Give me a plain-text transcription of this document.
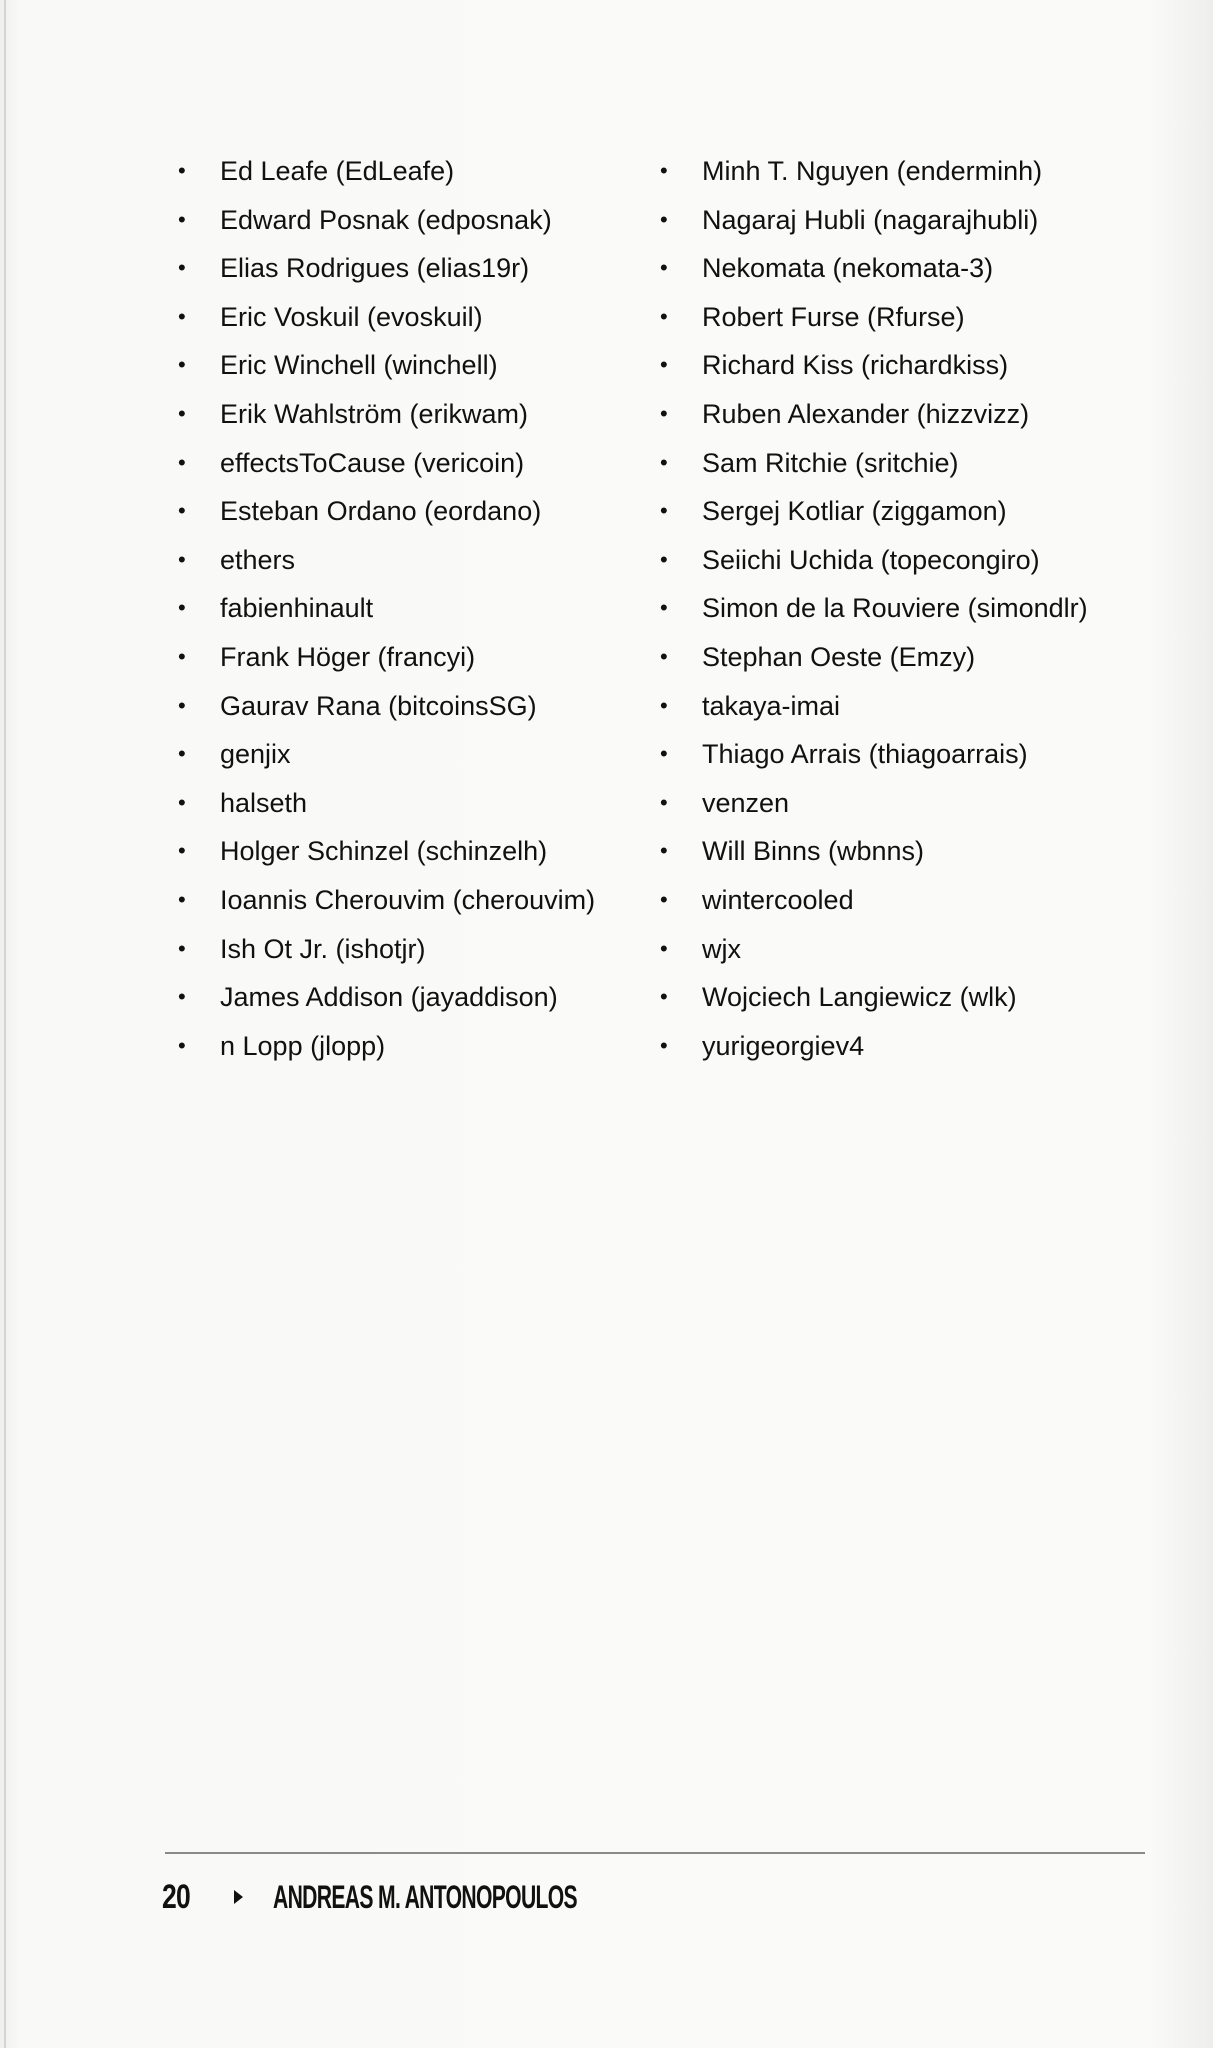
• Ed Leafe (EdLeafe)
• Edward Posnak (edposnak)
• Elias Rodrigues (elias19r)
• Eric Voskuil (evoskuil)
• Eric Winchell (winchell)
• Erik Wahlström (erikwam)
• effectsToCause (vericoin)
• Esteban Ordano (eordano)
• ethers
• fabienhinault
• Frank Höger (francyi)
• Gaurav Rana (bitcoinsSG)
• genjix
• halseth
• Holger Schinzel (schinzelh)
• Ioannis Cherouvim (cherouvim)
• Ish Ot Jr. (ishotjr)
• James Addison (jayaddison)
• n Lopp (jlopp)
• Minh T. Nguyen (enderminh)
• Nagaraj Hubli (nagarajhubli)
• Nekomata (nekomata-3)
• Robert Furse (Rfurse)
• Richard Kiss (richardkiss)
• Ruben Alexander (hizzvizz)
• Sam Ritchie (sritchie)
• Sergej Kotliar (ziggamon)
• Seiichi Uchida (topecongiro)
• Simon de la Rouviere (simondlr)
• Stephan Oeste (Emzy)
• takaya-imai
• Thiago Arrais (thiagoarrais)
• venzen
• Will Binns (wbnns)
• wintercooled
• wjx
• Wojciech Langiewicz (wlk)
• yurigeorgiev4
20	ANDREAS M. ANTONOPOULOS
